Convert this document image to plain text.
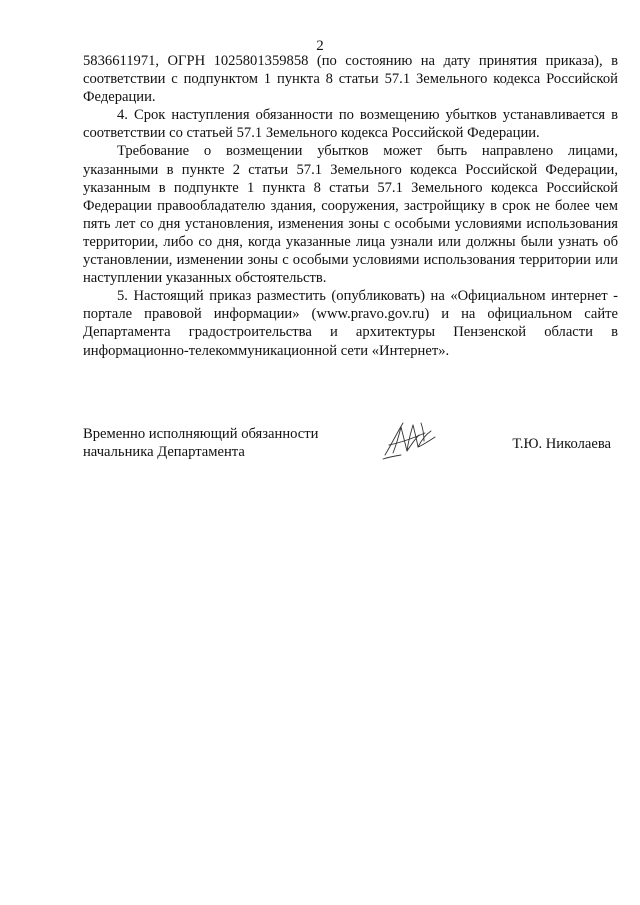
2

5836611971, ОГРН 1025801359858 (по состоянию на дату принятия приказа), в соответствии с подпунктом 1 пункта 8 статьи 57.1 Земельного кодекса Российской Федерации.

4. Срок наступления обязанности по возмещению убытков устанавливается в соответствии со статьей 57.1 Земельного кодекса Российской Федерации.

Требование о возмещении убытков может быть направлено лицами, указанными в пункте 2 статьи 57.1 Земельного кодекса Российской Федерации, указанным в подпункте 1 пункта 8 статьи 57.1 Земельного кодекса Российской Федерации правообладателю здания, сооружения, застройщику в срок не более чем пять лет со дня установления, изменения зоны с особыми условиями использования территории, либо со дня, когда указанные лица узнали или должны были узнать об установлении, изменении зоны с особыми условиями использования территории или наступлении указанных обстоятельств.

5. Настоящий приказ разместить (опубликовать) на «Официальном интернет - портале правовой информации» (www.pravo.gov.ru) и на официальном сайте Департамента градостроительства и архитектуры Пензенской области в информационно-телекоммуникационной сети «Интернет».

Временно исполняющий обязанности
начальника Департамента
Т.Ю. Николаева
